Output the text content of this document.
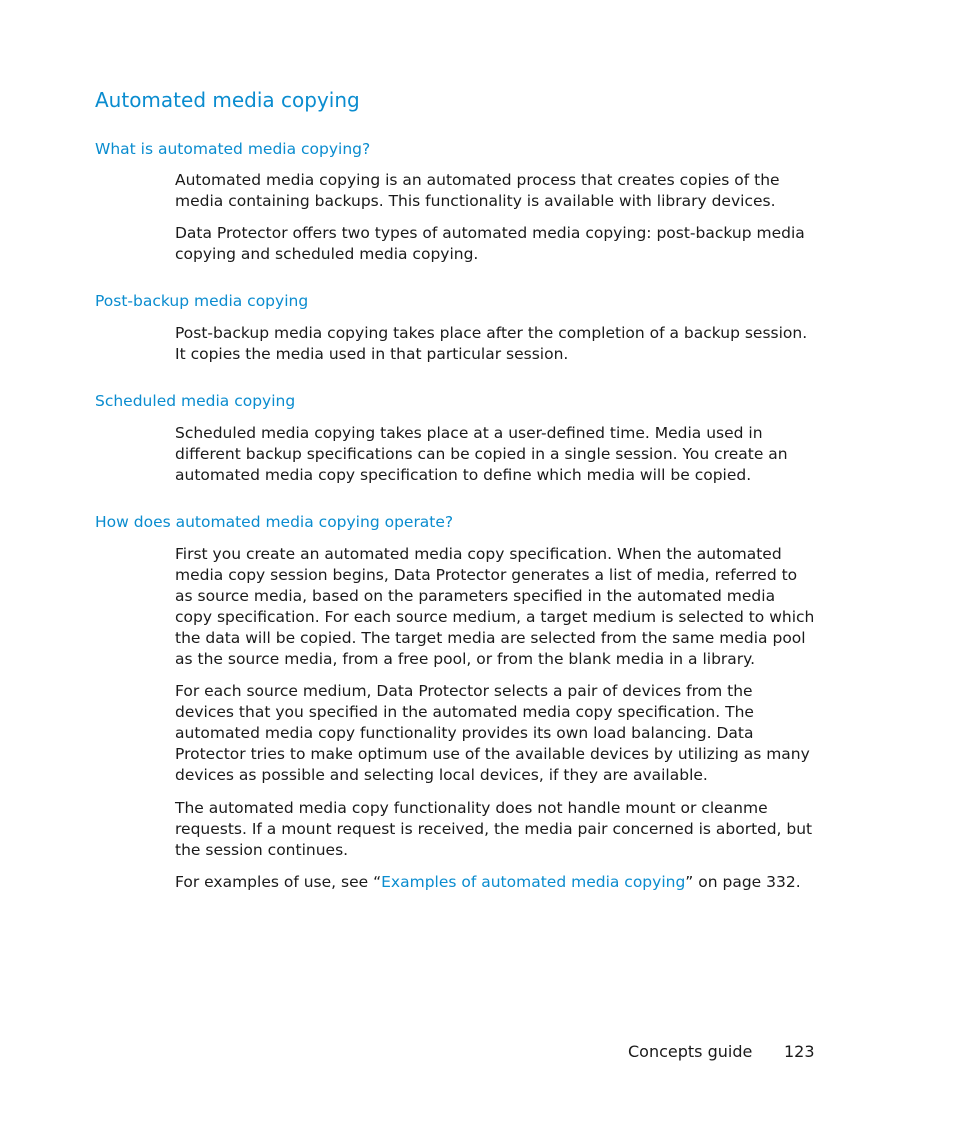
Automated media copying
What is automated media copying?

Automated media copying is an automated process that creates copies of the media containing backups. This functionality is available with library devices.

Data Protector offers two types of automated media copying: post-backup media copying and scheduled media copying.

Post-backup media copying

Post-backup media copying takes place after the completion of a backup session. It copies the media used in that particular session.

Scheduled media copying

Scheduled media copying takes place at a user-defined time. Media used in different backup specifications can be copied in a single session. You create an automated media copy specification to define which media will be copied.

How does automated media copying operate?

First you create an automated media copy specification. When the automated media copy session begins, Data Protector generates a list of media, referred to as source media, based on the parameters specified in the automated media copy specification. For each source medium, a target medium is selected to which the data will be copied. The target media are selected from the same media pool as the source media, from a free pool, or from the blank media in a library.

For each source medium, Data Protector selects a pair of devices from the devices that you specified in the automated media copy specification. The automated media copy functionality provides its own load balancing. Data Protector tries to make optimum use of the available devices by utilizing as many devices as possible and selecting local devices, if they are available.

The automated media copy functionality does not handle mount or cleanme requests. If a mount request is received, the media pair concerned is aborted, but the session continues.

For examples of use, see “Examples of automated media copying” on page 332.

Concepts guide 123
